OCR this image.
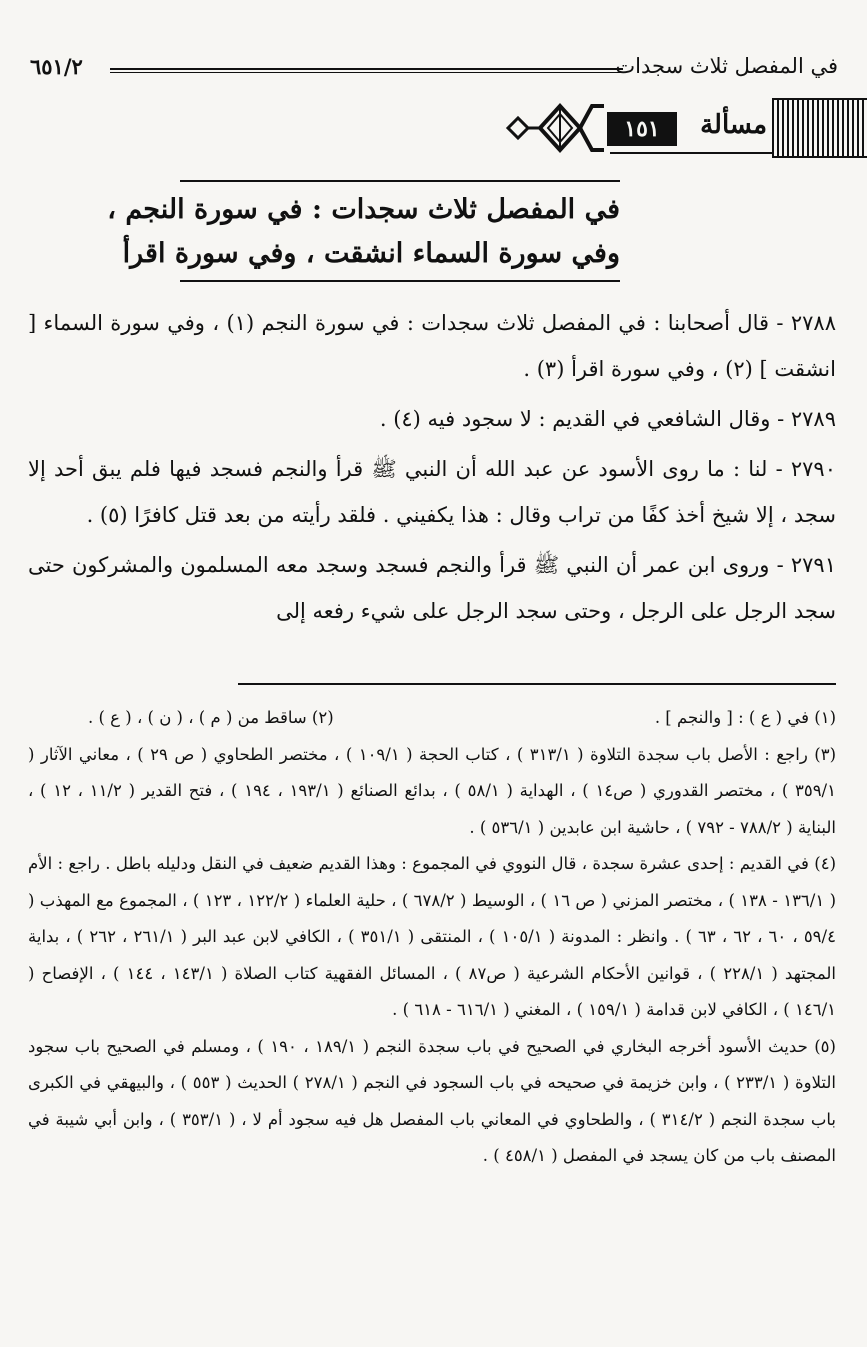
في المفصل ثلاث سجدات
٦٥١/٢
مسألة
١٥١
في المفصل ثلاث سجدات : في سورة النجم ،
وفي سورة السماء انشقت ، وفي سورة اقرأ

٢٧٨٨ - قال أصحابنا : في المفصل ثلاث سجدات : في سورة النجم (١) ، وفي سورة السماء [ انشقت ] (٢) ، وفي سورة اقرأ (٣) .

٢٧٨٩ - وقال الشافعي في القديم : لا سجود فيه (٤) .

٢٧٩٠ - لنا : ما روى الأسود عن عبد الله أن النبي ﷺ قرأ والنجم فسجد فيها فلم يبق أحد إلا سجد ، إلا شيخ أخذ كفًا من تراب وقال : هذا يكفيني . فلقد رأيته من بعد قتل كافرًا (٥) .

٢٧٩١ - وروى ابن عمر أن النبي ﷺ قرأ والنجم فسجد وسجد معه المسلمون والمشركون حتى سجد الرجل على الرجل ، وحتى سجد الرجل على شيء رفعه إلى

(١) في ( ع ) : [ والنجم ] .
(٢) ساقط من ( م ) ، ( ن ) ، ( ع ) .

(٣) راجع : الأصل باب سجدة التلاوة ( ٣١٣/١ ) ، كتاب الحجة ( ١٠٩/١ ) ، مختصر الطحاوي ( ص ٢٩ ) ، معاني الآثار ( ٣٥٩/١ ) ، مختصر القدوري ( ص١٤ ) ، الهداية ( ٥٨/١ ) ، بدائع الصنائع ( ١٩٣/١ ، ١٩٤ ) ، فتح القدير ( ١١/٢ ، ١٢ ) ، البناية ( ٧٨٨/٢ - ٧٩٢ ) ، حاشية ابن عابدين ( ٥٣٦/١ ) .

(٤) في القديم : إحدى عشرة سجدة ، قال النووي في المجموع : وهذا القديم ضعيف في النقل ودليله باطل . راجع : الأم ( ١٣٦/١ - ١٣٨ ) ، مختصر المزني ( ص ١٦ ) ، الوسيط ( ٦٧٨/٢ ) ، حلية العلماء ( ١٢٢/٢ ، ١٢٣ ) ، المجموع مع المهذب ( ٥٩/٤ ، ٦٠ ، ٦٢ ، ٦٣ ) . وانظر : المدونة ( ١٠٥/١ ) ، المنتقى ( ٣٥١/١ ) ، الكافي لابن عبد البر ( ٢٦١/١ ، ٢٦٢ ) ، بداية المجتهد ( ٢٢٨/١ ) ، قوانين الأحكام الشرعية ( ص٨٧ ) ، المسائل الفقهية كتاب الصلاة ( ١٤٣/١ ، ١٤٤ ) ، الإفصاح ( ١٤٦/١ ) ، الكافي لابن قدامة ( ١٥٩/١ ) ، المغني ( ٦١٦/١ - ٦١٨ ) .

(٥) حديث الأسود أخرجه البخاري في الصحيح في باب سجدة النجم ( ١٨٩/١ ، ١٩٠ ) ، ومسلم في الصحيح باب سجود التلاوة ( ٢٣٣/١ ) ، وابن خزيمة في صحيحه في باب السجود في النجم ( ٢٧٨/١ ) الحديث ( ٥٥٣ ) ، والبيهقي في الكبرى باب سجدة النجم ( ٣١٤/٢ ) ، والطحاوي في المعاني باب المفصل هل فيه سجود أم لا ، ( ٣٥٣/١ ) ، وابن أبي شيبة في المصنف باب من كان يسجد في المفصل ( ٤٥٨/١ ) .
